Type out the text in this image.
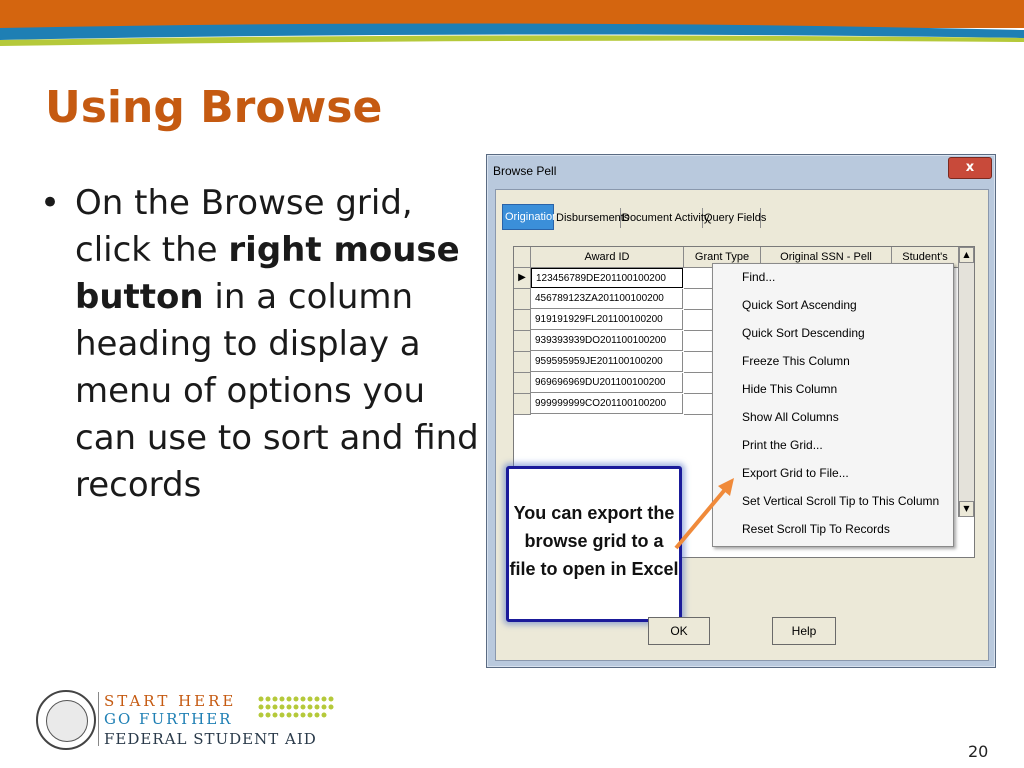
Using Browse
• On the Browse grid, click the right mouse button in a column heading to display a menu of options you can use to sort and find records
Browse Pell	x
Origination
Disbursements
Document Activity
Query Fields
Award ID	Grant Type	Original SSN - Pell	Student's
▶	123456789DE201100100200
456789123ZA201100100200
919191929FL201100100200
939393939DO201100100200
959595959JE201100100200
969696969DU201100100200
999999999CO201100100200
▲
▼
Find...
Quick Sort Ascending
Quick Sort Descending
Freeze This Column
Hide This Column
Show All Columns
Print the Grid...
Export Grid to File...
Set Vertical Scroll Tip to This Column
Reset Scroll Tip To Records
You can export the browse grid to a file to open in Excel
OK	Help
START HERE
GO FURTHER
FEDERAL STUDENT AID
20
